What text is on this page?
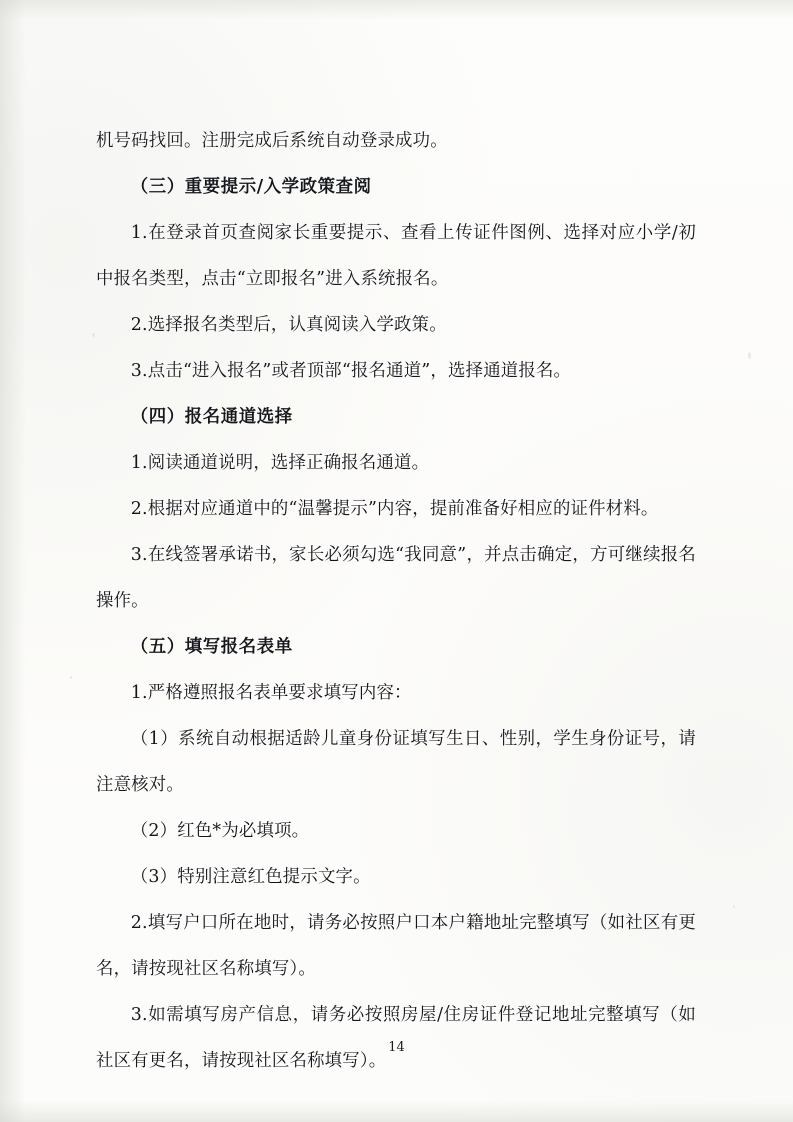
机号码找回。注册完成后系统自动登录成功。

（三）重要提示/入学政策查阅

1.在登录首页查阅家长重要提示、查看上传证件图例、选择对应小学/初中报名类型，点击“立即报名”进入系统报名。

2.选择报名类型后，认真阅读入学政策。

3.点击“进入报名”或者顶部“报名通道”，选择通道报名。

（四）报名通道选择

1.阅读通道说明，选择正确报名通道。

2.根据对应通道中的“温馨提示”内容，提前准备好相应的证件材料。

3.在线签署承诺书，家长必须勾选“我同意”，并点击确定，方可继续报名操作。

（五）填写报名表单

1.严格遵照报名表单要求填写内容：

（1）系统自动根据适龄儿童身份证填写生日、性别，学生身份证号，请注意核对。

（2）红色*为必填项。

（3）特别注意红色提示文字。

2.填写户口所在地时，请务必按照户口本户籍地址完整填写（如社区有更名，请按现社区名称填写）。

3.如需填写房产信息，请务必按照房屋/住房证件登记地址完整填写（如社区有更名，请按现社区名称填写）。

14
